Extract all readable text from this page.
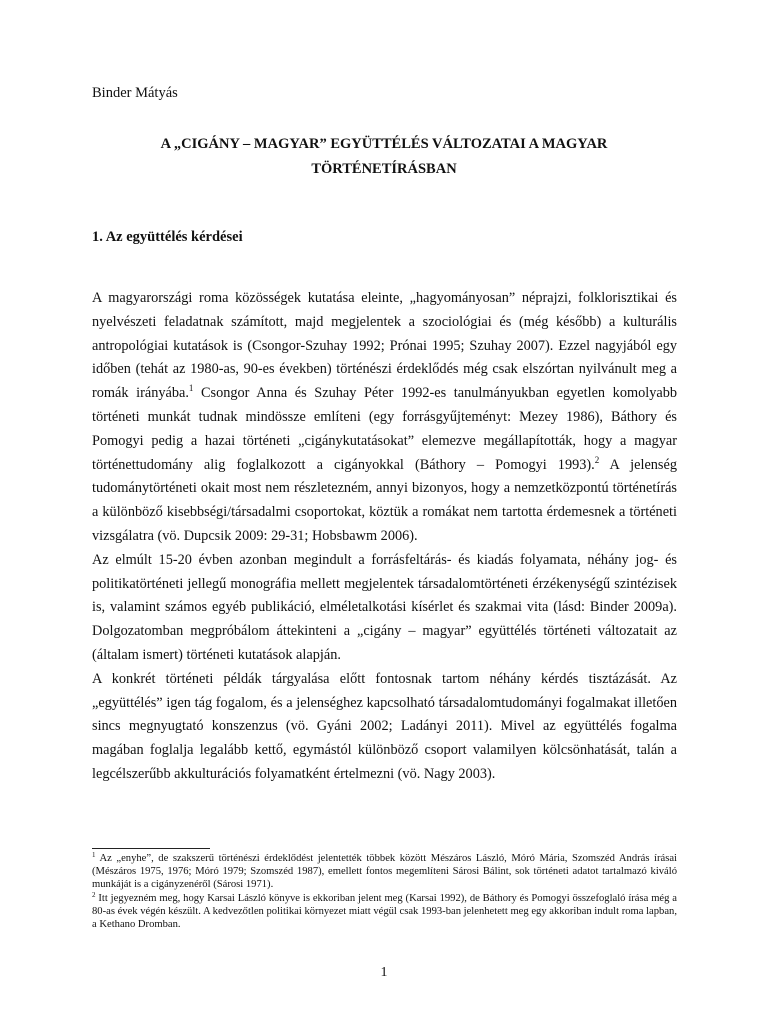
Binder Mátyás
A „CIGÁNY – MAGYAR” EGYÜTTÉLÉS VÁLTOZATAI A MAGYAR
TÖRTÉNETÍRÁSBAN
1. Az együttélés kérdései

A magyarországi roma közösségek kutatása eleinte, „hagyományosan” néprajzi, folklorisztikai és nyelvészeti feladatnak számított, majd megjelentek a szociológiai és (még később) a kulturális antropológiai kutatások is (Csongor-Szuhay 1992; Prónai 1995; Szuhay 2007). Ezzel nagyjából egy időben (tehát az 1980-as, 90-es években) történészi érdeklődés még csak elszórtan nyilvánult meg a romák irányába.$^1$ Csongor Anna és Szuhay Péter 1992-es tanulmányukban egyetlen komolyabb történeti munkát tudnak mindössze említeni (egy forrásgyűjteményt: Mezey 1986), Báthory és Pomogyi pedig a hazai történeti „cigánykutatásokat” elemezve megállapították, hogy a magyar történettudomány alig foglalkozott a cigányokkal (Báthory – Pomogyi 1993).$^2$ A jelenség tudománytörténeti okait most nem részletezném, annyi bizonyos, hogy a nemzetközpontú történetírás a különböző kisebbségi/társadalmi csoportokat, köztük a romákat nem tartotta érdemesnek a történeti vizsgálatra (vö. Dupcsik 2009: 29-31; Hobsbawm 2006).

Az elmúlt 15-20 évben azonban megindult a forrásfeltárás- és kiadás folyamata, néhány jog- és politikatörténeti jellegű monográfia mellett megjelentek társadalomtörténeti érzékenységű szintézisek is, valamint számos egyéb publikáció, elméletalkotási kísérlet és szakmai vita (lásd: Binder 2009a). Dolgozatomban megpróbálom áttekinteni a „cigány – magyar” együttélés történeti változatait az (általam ismert) történeti kutatások alapján.

A konkrét történeti példák tárgyalása előtt fontosnak tartom néhány kérdés tisztázását. Az „együttélés” igen tág fogalom, és a jelenséghez kapcsolható társadalomtudományi fogalmakat illetően sincs megnyugtató konszenzus (vö. Gyáni 2002; Ladányi 2011). Mivel az együttélés fogalma magában foglalja legalább kettő, egymástól különböző csoport valamilyen kölcsönhatását, talán a legcélszerűbb akkulturációs folyamatként értelmezni (vö. Nagy 2003).

$^1$ Az „enyhe”, de szakszerű történészi érdeklődést jelentették többek között Mészáros László, Móró Mária, Szomszéd András írásai (Mészáros 1975, 1976; Móró 1979; Szomszéd 1987), emellett fontos megemlíteni Sárosi Bálint, sok történeti adatot tartalmazó kiváló munkáját is a cigányzenéről (Sárosi 1971).

$^2$ Itt jegyezném meg, hogy Karsai László könyve is ekkoriban jelent meg (Karsai 1992), de Báthory és Pomogyi összefoglaló írása még a 80-as évek végén készült. A kedvezőtlen politikai környezet miatt végül csak 1993-ban jelenhetett meg egy akkoriban indult roma lapban, a Kethano Dromban.

1
